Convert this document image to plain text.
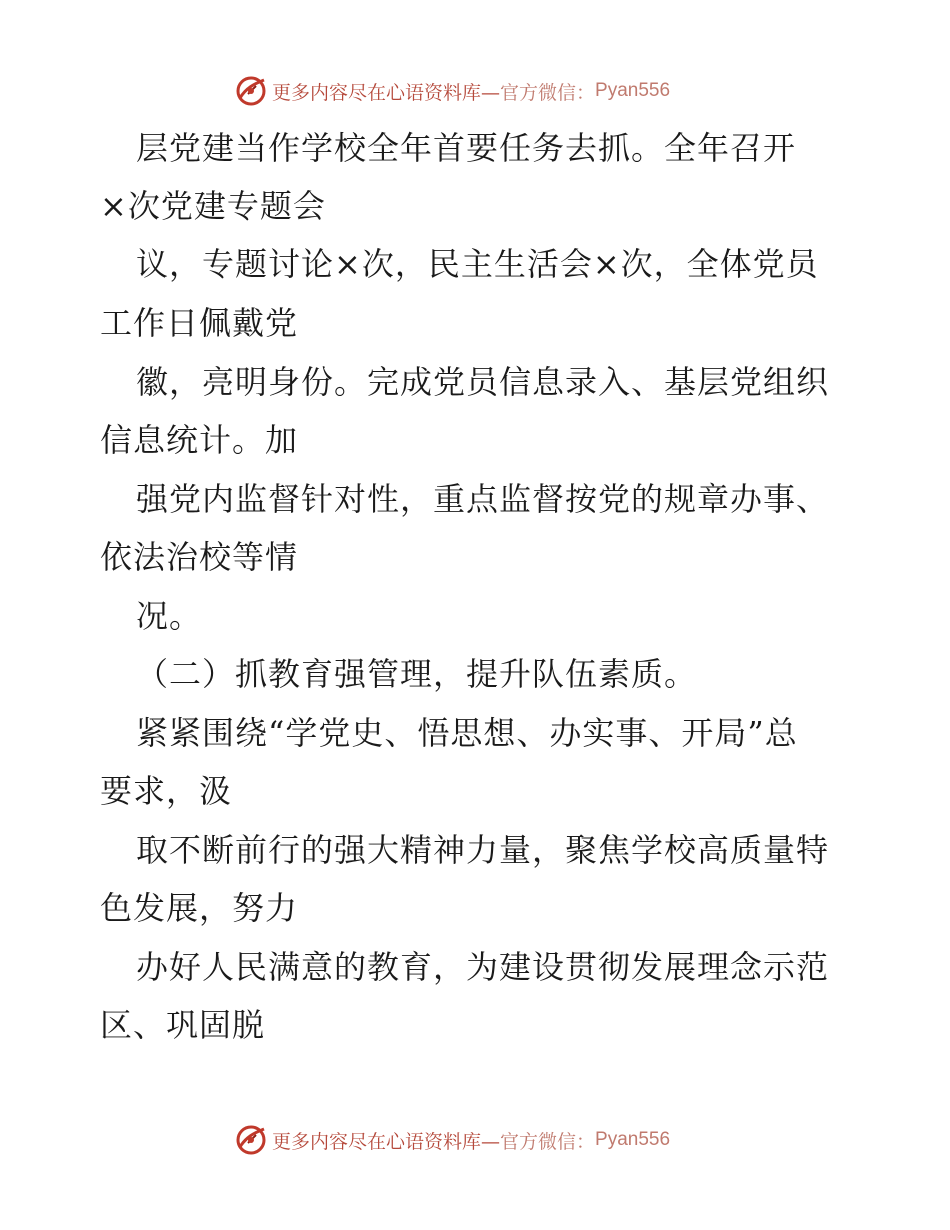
更多内容尽在心语资料库— 官方微信： Pyan556
层党建当作学校全年首要任务去抓。全年召开
×次党建专题会
议，专题讨论×次，民主生活会×次，全体党员
工作日佩戴党
徽，亮明身份。完成党员信息录入、基层党组织
信息统计。加
强党内监督针对性，重点监督按党的规章办事、
依法治校等情
况。
（二）抓教育强管理，提升队伍素质。
紧紧围绕“学党史、悟思想、办实事、开局”总
要求，汲
取不断前行的强大精神力量，聚焦学校高质量特
色发展，努力
办好人民满意的教育，为建设贯彻发展理念示范
区、巩固脱
更多内容尽在心语资料库— 官方微信： Pyan556
